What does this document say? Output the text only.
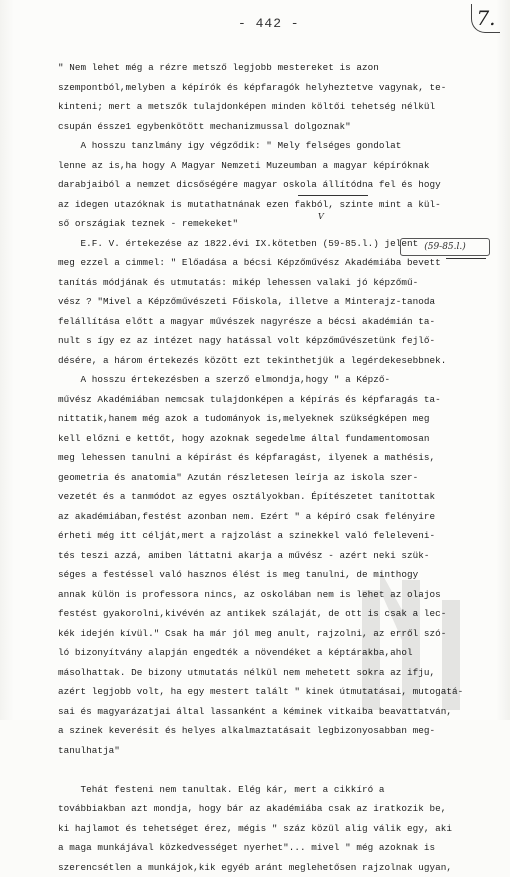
- 442 -	7.
" Nem lehet még a rézre metsző legjobb mestereket is azon
szempontból,melyben a képírók és képfaragók helyheztetve vagynak, te-
kinteni; mert a metszők tulajdonképen minden költői tehetség nélkül
csupán éssze1 egybenkötött mechanizmussal dolgoznak"
A hosszu tanzlmány igy végződik: " Mely felséges gondolat
lenne az is,ha hogy A Magyar Nemzeti Muzeumban a magyar képíróknak
darabjaiból a nemzet dicsőségére magyar oskola állítódna fel és hogy
az idegen utazóknak is mutathatnának ezen fakból, szinte mint a kül-
ső országiak teznek - remekeket"
E.F. V. értekezése az 1822.évi IX.kötetben (59-85.l.) jelent
meg ezzel a cimmel: " Előadása a bécsi Képzőművész Akadémiába bevett
tanítás módjának és utmutatás: mikép lehessen valaki jó képzőmű-
vész ? "Mivel a Képzőművészeti Főiskola, illetve a Minterajz-tanoda
felállítása előtt a magyar művészek nagyrésze a bécsi akadémián ta-
nult s így ez az intézet nagy hatással volt képzőművészetünk fejlő-
désére, a három értekezés között ezt tekinthetjük a legérdekesebbnek.
A hosszu értekezésben a szerző elmondja,hogy " a Képző-
művész Akadémiában nemcsak tulajdonképen a képírás és képfaragás ta-
nittatik,hanem még azok a tudományok is,melyeknek szükségképen meg
kell előzni e kettőt, hogy azoknak segedelme által fundamentomosan
meg lehessen tanulni a képírást és képfaragást, ilyenek a mathésis,
geometria és anatomia" Azután részletesen leírja az iskola szer-
vezetét és a tanmódot az egyes osztályokban. Építészetet tanítottak
az akadémiában,festést azonban nem. Ezért " a képíró csak felényire
érheti még itt célját,mert a rajzolást a szinekkel való feleleveni-
tés teszi azzá, amiben láttatni akarja a művész - azért neki szük-
séges a festéssel való hasznos élést is meg tanulni, de minthogy
annak külön is professora nincs, az oskolában nem is lehet az olajos
festést gyakorolni,kivévén az antikek szálaját, de ott is csak a lec-
kék idején kívül." Csak ha már jól meg anult, rajzolni, az erről szó-
ló bizonyítvány alapján engedték a növendéket a képtárakba,ahol
másolhattak. De bizony utmutatás nélkül nem mehetett sokra az ifju,
azért legjobb volt, ha egy mestert talált " kinek útmutatásai, mutogatá-
sai és magyarázatjai által lassanként a kéminek vitkaiba beavattatván,
a szinek keverésit és helyes alkalmaztatásait legbizonyosabban meg-
tanulhatja"
Tehát festeni nem tanultak. Elég kár, mert a cikkíró a
továbbiakban azt mondja, hogy bár az akadémiába csak az iratkozik be,
ki hajlamot és tehetséget érez, mégis " száz közül alig válik egy, aki
a maga munkájával közkedvességet nyerhet"... mivel " még azoknak is
szerencsétlen a munkájok,kik egyéb aránt meglehetősen rajzolnak ugyan,
(59-85.l.)
V
